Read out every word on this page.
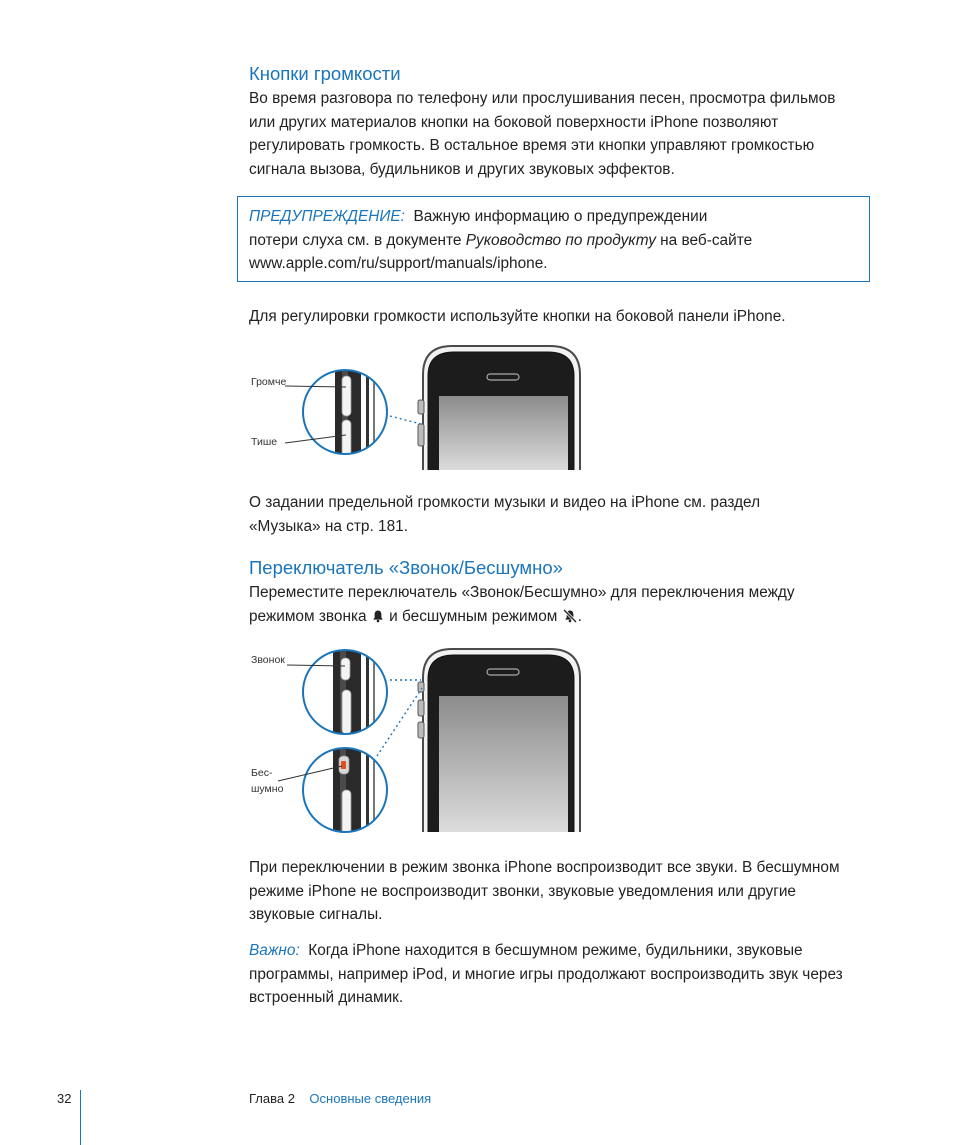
Кнопки громкости

Во время разговора по телефону или прослушивания песен, просмотра фильмов

или других материалов кнопки на боковой поверхности iPhone позволяют

регулировать громкость. В остальное время эти кнопки управляют громкостью

сигнала вызова, будильников и других звуковых эффектов.

ПРЕДУПРЕЖДЕНИЕ: Важную информацию о предупреждении

потери слуха см. в документе Руководство по продукту на веб-сайте

www.apple.com/ru/support/manuals/iphone.

Для регулировки громкости используйте кнопки на боковой панели iPhone.
Громче
Тише

О задании предельной громкости музыки и видео на iPhone см. раздел

«Музыка» на стр. 181.

Переключатель «Звонок/Бесшумно»

Переместите переключатель «Звонок/Бесшумно» для переключения между

режимом звонка  и бесшумным режимом .

Звонок
Бес-
шумно

При переключении в режим звонка iPhone воспроизводит все звуки. В бесшумном

режиме iPhone не воспроизводит звонки, звуковые уведомления или другие

звуковые сигналы.

Важно: Когда iPhone находится в бесшумном режиме, будильники, звуковые

программы, например iPod, и многие игры продолжают воспроизводить звук через

встроенный динамик.

32	Глава 2 Основные сведения
